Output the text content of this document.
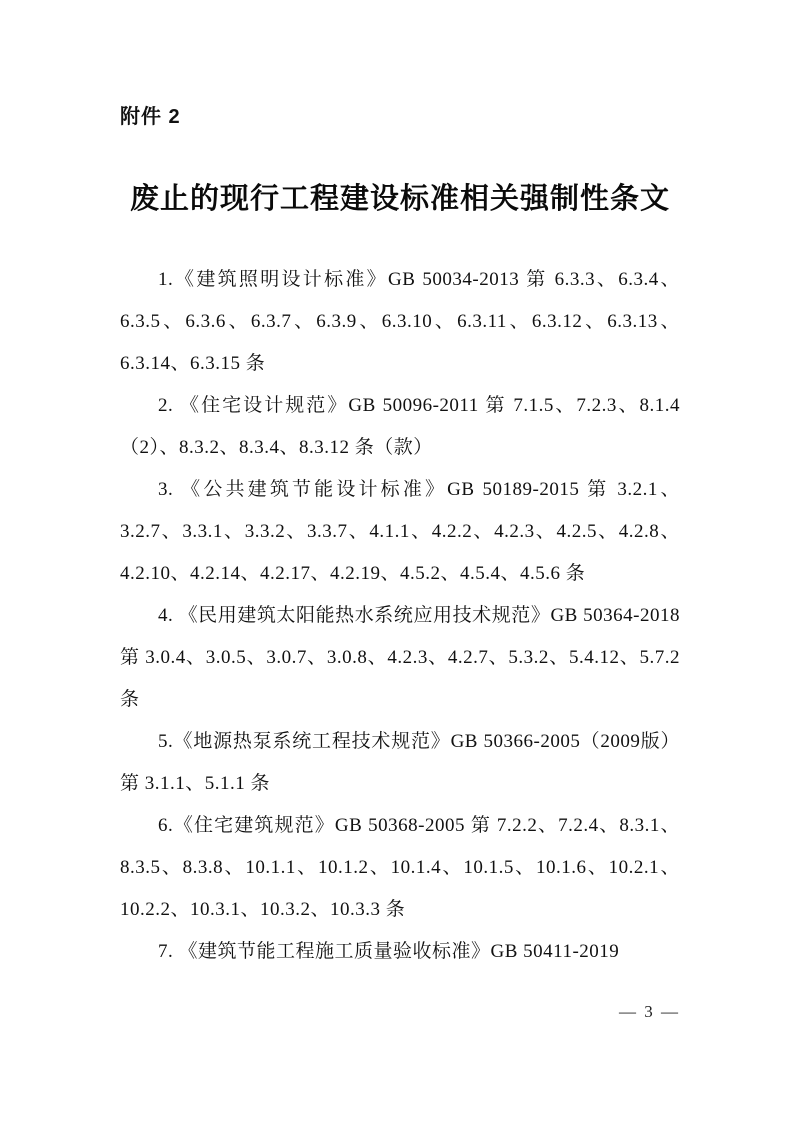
附件 2
废止的现行工程建设标准相关强制性条文

1.《建筑照明设计标准》GB 50034-2013 第 6.3.3、6.3.4、6.3.5、6.3.6、6.3.7、6.3.9、6.3.10、6.3.11、6.3.12、6.3.13、6.3.14、6.3.15 条

2. 《住宅设计规范》GB 50096-2011 第 7.1.5、7.2.3、8.1.4（2）、8.3.2、8.3.4、8.3.12 条（款）

3. 《公共建筑节能设计标准》GB 50189-2015 第 3.2.1、3.2.7、3.3.1、3.3.2、3.3.7、4.1.1、4.2.2、4.2.3、4.2.5、4.2.8、4.2.10、4.2.14、4.2.17、4.2.19、4.5.2、4.5.4、4.5.6 条

4. 《民用建筑太阳能热水系统应用技术规范》GB 50364-2018 第 3.0.4、3.0.5、3.0.7、3.0.8、4.2.3、4.2.7、5.3.2、5.4.12、5.7.2 条

5.《地源热泵系统工程技术规范》GB 50366-2005（2009版）第 3.1.1、5.1.1 条

6.《住宅建筑规范》GB 50368-2005 第 7.2.2、7.2.4、8.3.1、8.3.5、8.3.8、10.1.1、10.1.2、10.1.4、10.1.5、10.1.6、10.2.1、10.2.2、10.3.1、10.3.2、10.3.3 条

7. 《建筑节能工程施工质量验收标准》GB 50411-2019

— 3 —
